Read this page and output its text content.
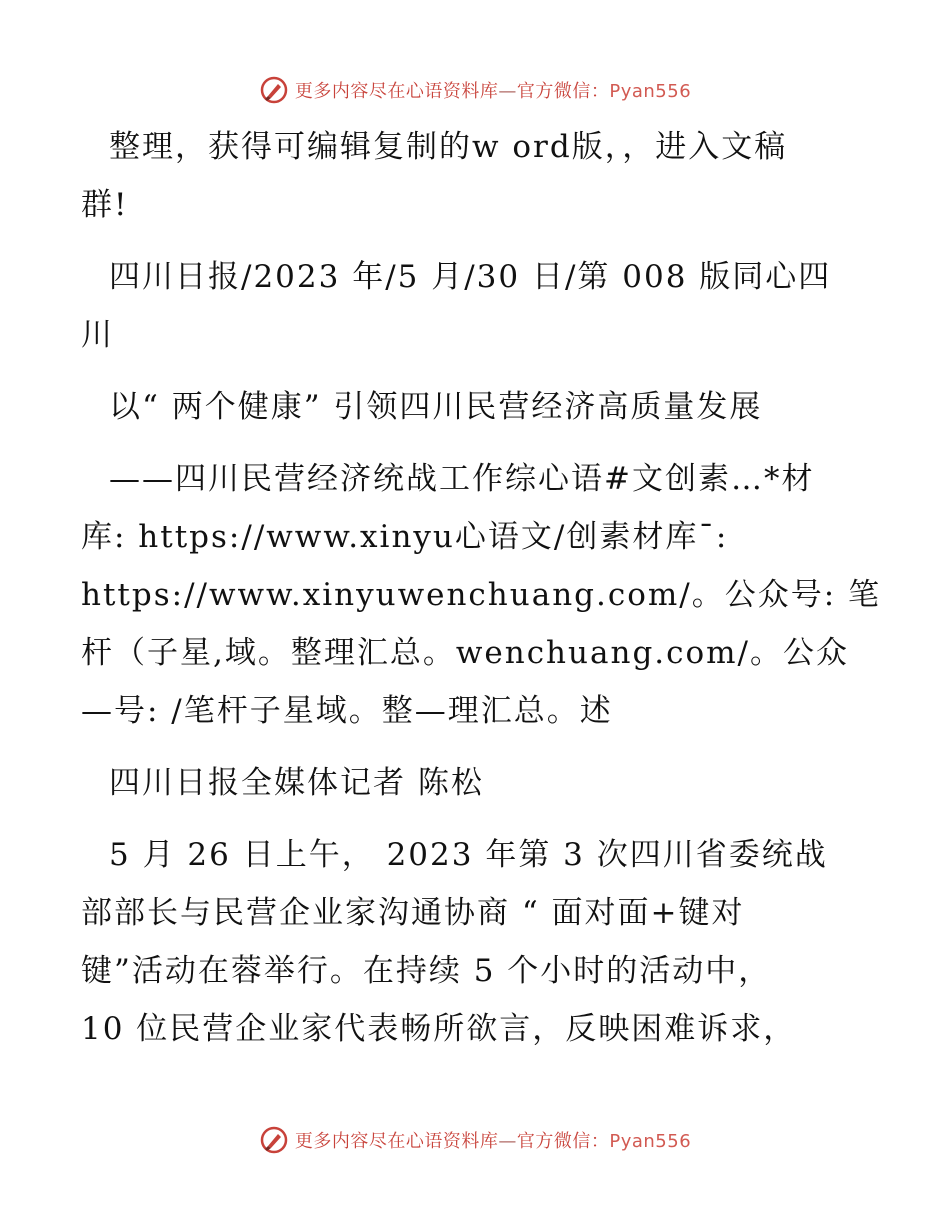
更多内容尽在心语资料库—官方微信：Pyan556

整理，获得可编辑复制的w ord版，，进入文稿
群!

四川日报/2023 年/5 月/30 日/第 008 版同心四
川

以“ 两个健康” 引领四川民营经济高质量发展

——四川民营经济统战工作综心语#文创素…*材
库: https://www.xinyu心语文/创素材库¯:
https://www.xinyuwenchuang.com/。公众号: 笔
杆（子星,域。整理汇总。wenchuang.com/。公众
—号: /笔杆子星域。整—理汇总。述

四川日报全媒体记者 陈松

5 月 26 日上午， 2023 年第 3 次四川省委统战
部部长与民营企业家沟通协商 “ 面对面+键对
键”活动在蓉举行。在持续 5 个小时的活动中，
10 位民营企业家代表畅所欲言，反映困难诉求，

更多内容尽在心语资料库—官方微信：Pyan556
